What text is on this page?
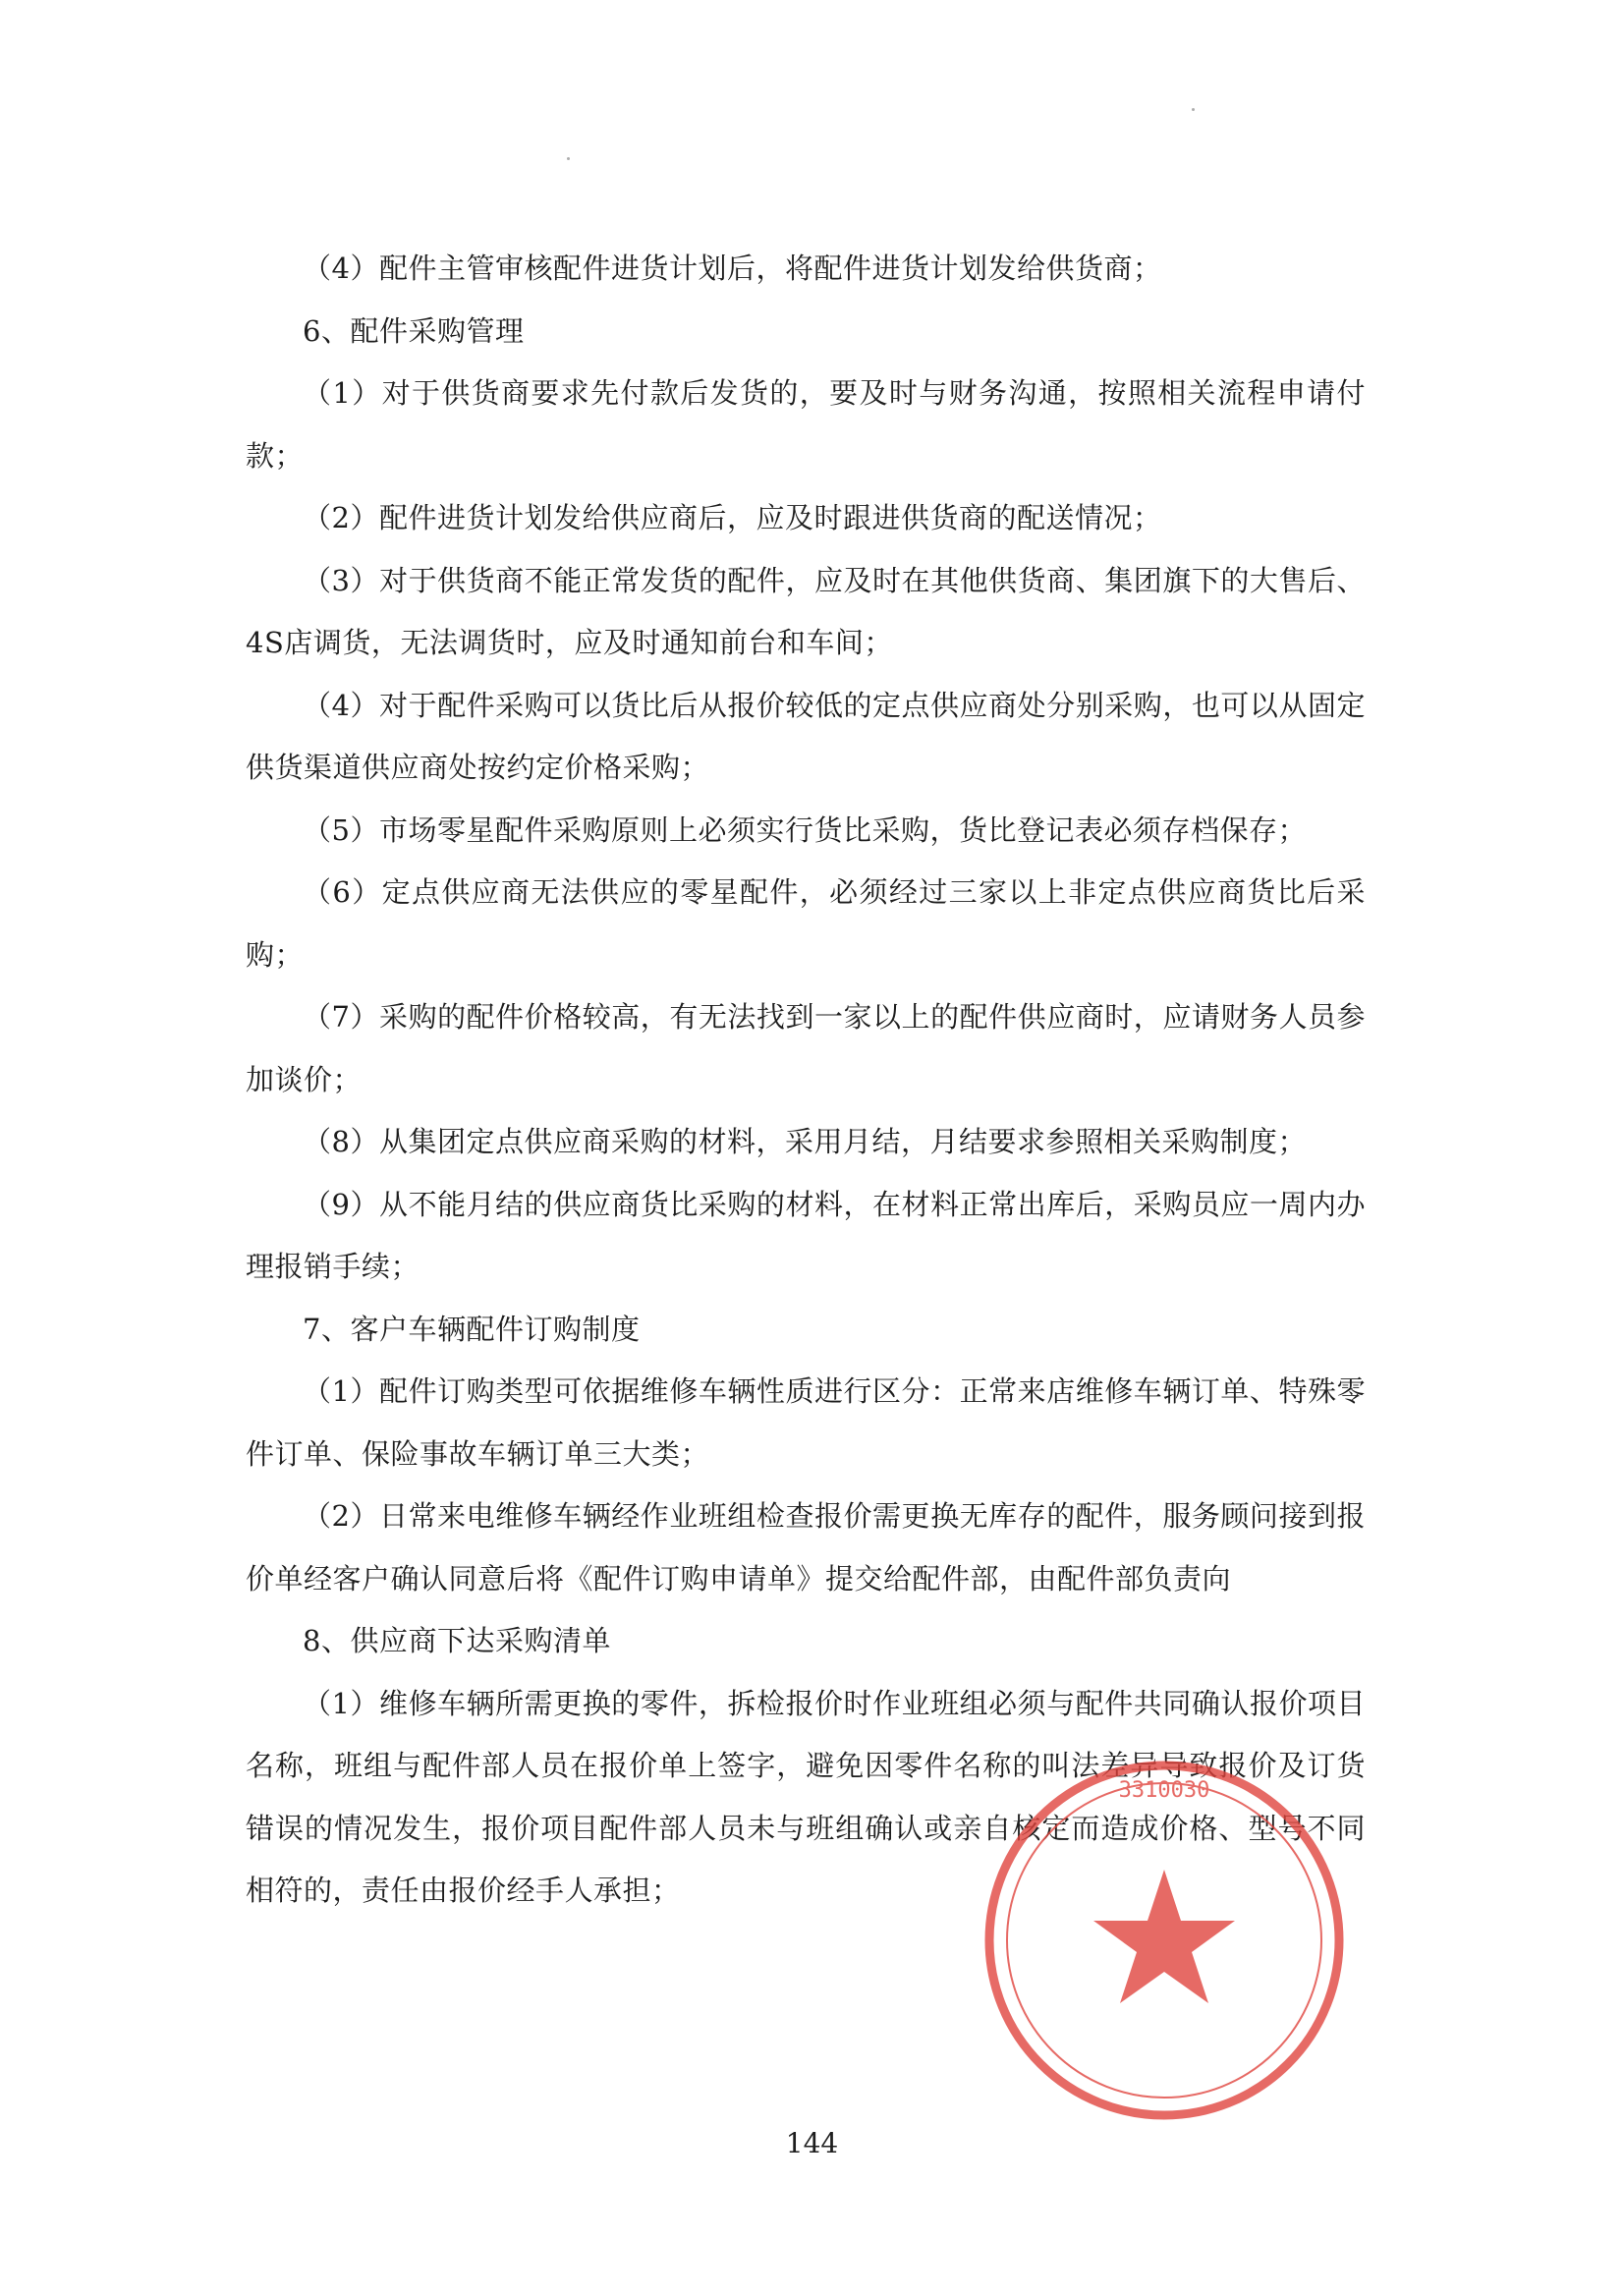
（4）配件主管审核配件进货计划后，将配件进货计划发给供货商；

6、配件采购管理

（1）对于供货商要求先付款后发货的，要及时与财务沟通，按照相关流程申请付款；

（2）配件进货计划发给供应商后，应及时跟进供货商的配送情况；

（3）对于供货商不能正常发货的配件，应及时在其他供货商、集团旗下的大售后、4S店调货，无法调货时，应及时通知前台和车间；

（4）对于配件采购可以货比后从报价较低的定点供应商处分别采购，也可以从固定供货渠道供应商处按约定价格采购；

（5）市场零星配件采购原则上必须实行货比采购，货比登记表必须存档保存；

（6）定点供应商无法供应的零星配件，必须经过三家以上非定点供应商货比后采购；

（7）采购的配件价格较高，有无法找到一家以上的配件供应商时，应请财务人员参加谈价；

（8）从集团定点供应商采购的材料，采用月结，月结要求参照相关采购制度；

（9）从不能月结的供应商货比采购的材料，在材料正常出库后，采购员应一周内办理报销手续；

7、客户车辆配件订购制度

（1）配件订购类型可依据维修车辆性质进行区分：正常来店维修车辆订单、特殊零件订单、保险事故车辆订单三大类；

（2）日常来电维修车辆经作业班组检查报价需更换无库存的配件，服务顾问接到报价单经客户确认同意后将《配件订购申请单》提交给配件部，由配件部负责向

8、供应商下达采购清单

（1）维修车辆所需更换的零件，拆检报价时作业班组必须与配件共同确认报价项目名称，班组与配件部人员在报价单上签字，避免因零件名称的叫法差异导致报价及订货错误的情况发生，报价项目配件部人员未与班组确认或亲自核定而造成价格、型号不同相符的，责任由报价经手人承担；

3310030
144
